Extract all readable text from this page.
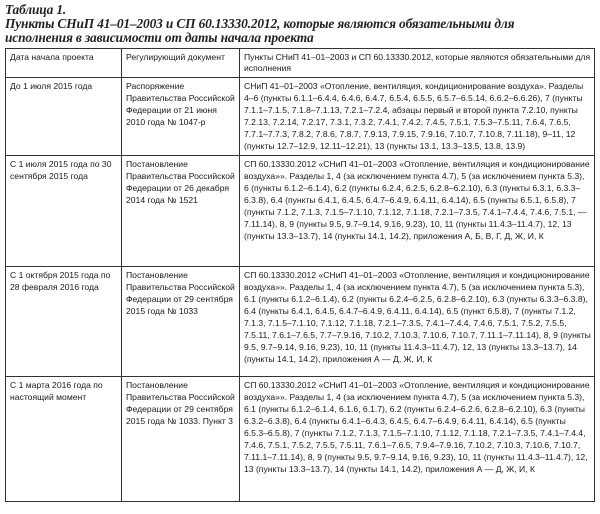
Таблица 1.
Пункты СНиП 41–01–2003 и СП 60.13330.2012, которые являются обязательными для
исполнения в зависимости от даты начала проекта
Дата начала проекта	Регулирующий документ	Пункты СНиП 41–01–2003 и СП 60.13330.2012, которые являются обязательными для исполнения
До 1 июля 2015 года	Распоряжение Правительства Российской Федерации от 21 июня 2010 года № 1047-р	СНиП 41–01–2003 «Отопление, вентиляция, кондиционирование воздуха». Разделы 4–6 (пункты 6.1.1–6.4.4, 6.4.6, 6.4.7, 6.5.4, 6.5.5, 6.5.7–6.5.14, 6.6.2–6.6.26), 7 (пункты 7.1.1–7.1.5, 7.1.8–7.1.13, 7.2.1–7.2.4, абзацы первый и второй пункта 7.2.10, пункты 7.2.13, 7.2.14, 7.2.17, 7.3.1, 7.3.2, 7.4.1, 7.4.2, 7.4.5, 7.5.1, 7.5.3–7.5.11, 7.6.4, 7.6.5, 7.7.1–7.7.3, 7.8.2, 7.8.6, 7.8.7, 7.9.13, 7.9.15, 7.9.16, 7.10.7, 7.10.8, 7.11.18), 9–11, 12 (пункты 12.7–12.9, 12.11–12.21), 13 (пункты 13.1, 13.3–13.5, 13.8, 13.9)
С 1 июля 2015 года по 30 сентября 2015 года	Постановление Правительства Российской Федерации от 26 декабря 2014 года № 1521	СП 60.13330.2012 «СНиП 41–01–2003 «Отопление, вентиляция и кондиционирование воздуха»». Разделы 1, 4 (за исключением пункта 4.7), 5 (за исключением пункта 5.3), 6 (пункты 6.1.2–6.1.4), 6.2 (пункты 6.2.4, 6.2.5, 6.2.8–6.2.10), 6.3 (пункты 6.3.1, 6.3.3–6.3.8), 6.4 (пункты 6.4.1, 6.4.5, 6.4.7–6.4.9, 6.4.11, 6.4.14), 6.5 (пункты 6.5.1, 6.5.8), 7 (пункты 7.1.2, 7.1.3, 7.1.5–7.1.10, 7.1.12, 7.1.18, 7.2.1–7.3.5, 7.4.1–7.4.4, 7.4.6, 7.5.1, — 7.11.14), 8, 9 (пункты 9.5, 9.7–9.14, 9.16, 9.23), 10, 11 (пункты 11.4.3–11.4.7), 12, 13 (пункты 13.3–13.7), 14 (пункты 14.1, 14.2), приложения А, Б, В, Г, Д, Ж, И, К
С 1 октября 2015 года по 28 февраля 2016 года	Постановление Правительства Российской Федерации от 29 сентября 2015 года № 1033	СП 60.13330.2012 «СНиП 41–01–2003 «Отопление, вентиляция и кондиционирование воздуха»». Разделы 1, 4 (за исключением пункта 4.7), 5 (за исключением пункта 5.3), 6.1 (пункты 6.1.2–6.1.4), 6.2 (пункты 6.2.4–6.2.5, 6.2.8–6.2.10), 6.3 (пункты 6.3.3–6.3.8), 6.4 (пункты 6.4.1, 6.4.5, 6.4.7–6.4.9, 6.4.11, 6.4.14), 6.5 (пункт 6.5.8), 7 (пункты 7.1.2, 7.1.3, 7.1.5–7.1.10, 7.1.12, 7.1.18, 7.2.1–7.3.5, 7.4.1–7.4.4, 7.4.6, 7.5.1, 7.5.2, 7.5.5, 7.5.11, 7.6.1–7.6.5, 7.7–7.9.16, 7.10.2, 7.10.3, 7.10.6, 7.10.7, 7.11.1–7.11.14), 8, 9 (пункты 9.5, 9.7–9.14, 9.16, 9.23), 10, 11 (пункты 11.4.3–11.4.7), 12, 13 (пункты 13.3–13.7), 14 (пункты 14.1, 14.2), приложения А — Д, Ж, И, К
С 1 марта 2016 года по настоящий момент	Постановление Правительства Российской Федерации от 29 сентября 2015 года № 1033. Пункт 3	СП 60.13330.2012 «СНиП 41–01–2003 «Отопление, вентиляция и кондиционирование воздуха»». Разделы 1, 4 (за исключением пункта 4.7), 5 (за исключением пункта 5.3), 6.1 (пункты 6.1.2–6.1.4, 6.1.6, 6.1.7), 6.2 (пункты 6.2.4–6.2.6, 6.2.8–6.2.10), 6.3 (пункты 6.3.2–6.3.8), 6.4 (пункты 6.4.1–6.4.3, 6.4.5, 6.4.7–6.4.9, 6.4.11, 6.4.14), 6.5 (пункты 6.5.3–6.5.8), 7 (пункты 7.1.2, 7.1.3, 7.1.5–7.1.10, 7.1.12, 7.1.18, 7.2.1–7.3.5, 7.4.1–7.4.4, 7.4.6, 7.5.1, 7.5.2, 7.5.5, 7.5.11, 7.6.1–7.6.5, 7.9.4–7.9.16, 7.10.2, 7.10.3, 7.10.6, 7.10.7, 7.11.1–7.11.14), 8, 9 (пункты 9.5, 9.7–9.14, 9.16, 9.23), 10, 11 (пункты 11.4.3–11.4.7), 12, 13 (пункты 13.3–13.7), 14 (пункты 14.1, 14.2), приложения А — Д, Ж, И, К
